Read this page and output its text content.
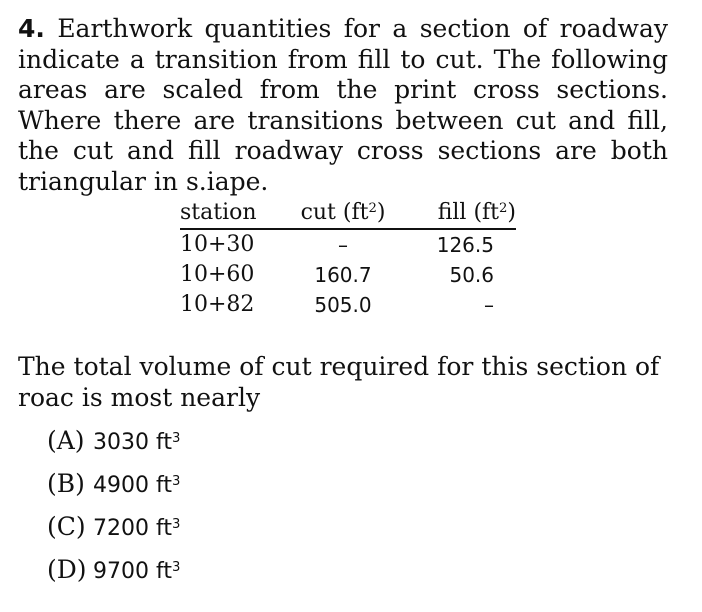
4. Earthwork quantities for a section of roadway indicate a transition from fill to cut. The following areas are scaled from the print cross sections. Where there are transitions between cut and fill, the cut and fill roadway cross sections are both triangular in s.iape.
station	cut $(ft^2)$	fill $(ft^2)$
10+30	–	126.5
10+60	160.7	50.6
10+82	505.0	–
The total volume of cut required for this section of roac is most nearly
(A) 3030 $ft^3$
(B) 4900 $ft^3$
(C) 7200 $ft^3$
(D) 9700 $ft^3$
